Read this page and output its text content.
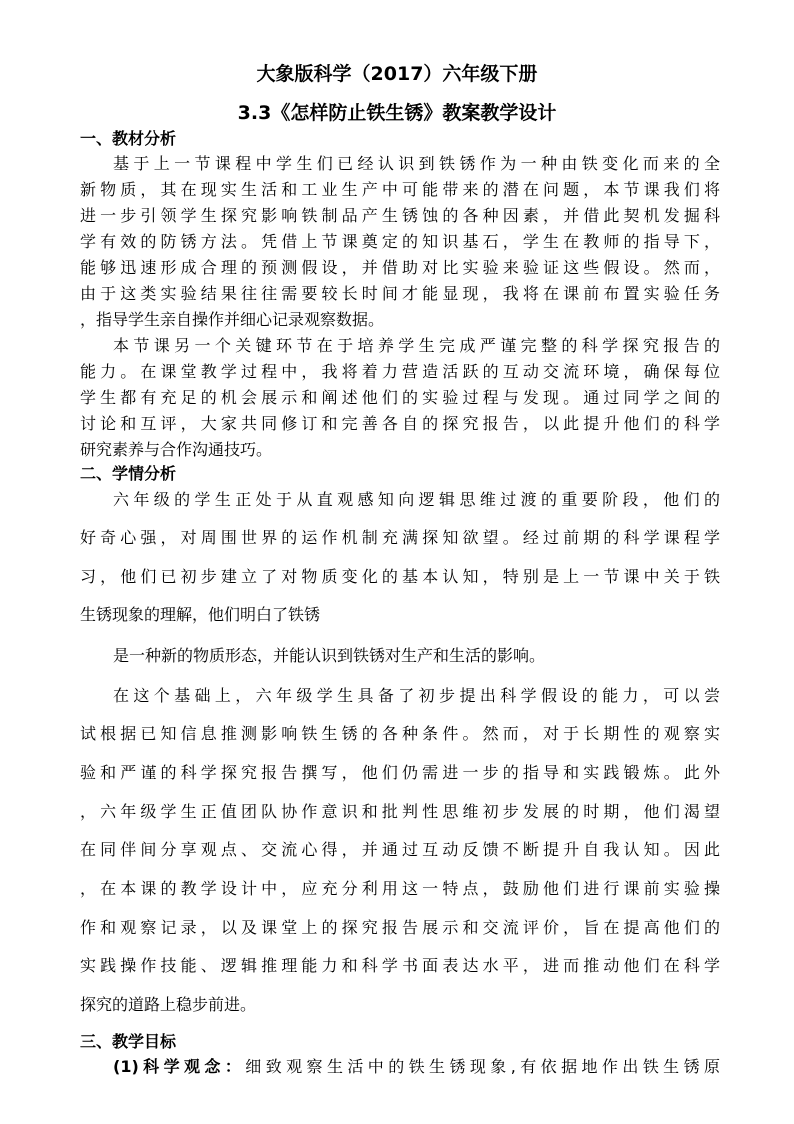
大象版科学（2017）六年级下册
3.3《怎样防止铁生锈》教案教学设计
一、教材分析
基于上一节课程中学生们已经认识到铁锈作为一种由铁变化而来的全
新物质，其在现实生活和工业生产中可能带来的潜在问题，本节课我们将
进一步引领学生探究影响铁制品产生锈蚀的各种因素，并借此契机发掘科
学有效的防锈方法。凭借上节课奠定的知识基石，学生在教师的指导下，
能够迅速形成合理的预测假设，并借助对比实验来验证这些假设。然而，
由于这类实验结果往往需要较长时间才能显现，我将在课前布置实验任务
，指导学生亲自操作并细心记录观察数据。
本节课另一个关键环节在于培养学生完成严谨完整的科学探究报告的
能力。在课堂教学过程中，我将着力营造活跃的互动交流环境，确保每位
学生都有充足的机会展示和阐述他们的实验过程与发现。通过同学之间的
讨论和互评，大家共同修订和完善各自的探究报告，以此提升他们的科学
研究素养与合作沟通技巧。
二、学情分析
六年级的学生正处于从直观感知向逻辑思维过渡的重要阶段，他们的
好奇心强，对周围世界的运作机制充满探知欲望。经过前期的科学课程学
习，他们已初步建立了对物质变化的基本认知，特别是上一节课中关于铁
生锈现象的理解，他们明白了铁锈
是一种新的物质形态，并能认识到铁锈对生产和生活的影响。
在这个基础上，六年级学生具备了初步提出科学假设的能力，可以尝
试根据已知信息推测影响铁生锈的各种条件。然而，对于长期性的观察实
验和严谨的科学探究报告撰写，他们仍需进一步的指导和实践锻炼。此外
，六年级学生正值团队协作意识和批判性思维初步发展的时期，他们渴望
在同伴间分享观点、交流心得，并通过互动反馈不断提升自我认知。因此
，在本课的教学设计中，应充分利用这一特点，鼓励他们进行课前实验操
作和观察记录，以及课堂上的探究报告展示和交流评价，旨在提高他们的
实践操作技能、逻辑推理能力和科学书面表达水平，进而推动他们在科学
探究的道路上稳步前进。
三、教学目标
(1)科学观念：细致观察生活中的铁生锈现象,有依据地作出铁生锈原
